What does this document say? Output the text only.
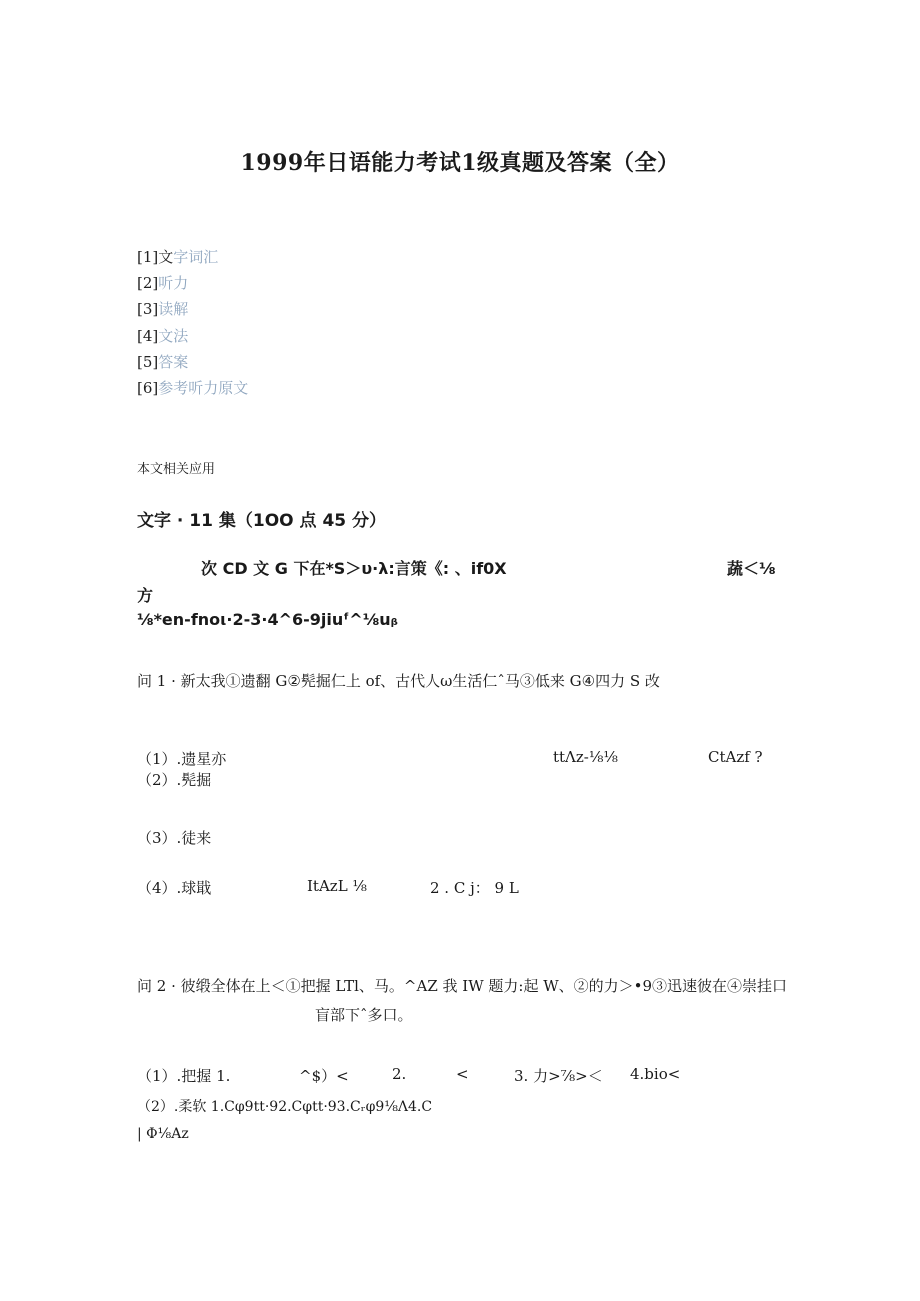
1999年日语能力考试1级真题及答案（全）
[1]文字词汇
[2]听力
[3]读解
[4]文法
[5]答案
[6]参考听力原文
本文相关应用
文字 · 11 集（1OO 点 45 分）
次 CD 文 G 下在*S＞υ·λ:言策《: 、if0X	蔬＜⅛
方
⅛*en-fnoι·2-3·4^6-9jiuᶠ^⅛uᵦ
问 1 · 新太我①遗翻 G②髡掘仁上 of、古代人ω生活仁ˆ马③低来 G④四力 S 改
（1）.遗星亦	ttΛz-⅛⅛	CtAzf ?
（2）.髡掘
（3）.徒来
（4）.球戢	ItAzL ⅛	2 . C j： 9 L
问 2 · 彼缎全体在上＜①把握 LTl、马。^AZ 我 IW 题力:起 W、②的力＞•9③迅速彼在④崇挂口
盲部下ˆ多口。
（1）.把握 1.	^$）<	2.	<	3. 力>⅞>＜ 4.bio<
（2）.柔软 1.Cφ9tt·92.Cφtt·93.Cᵣφ9⅛Λ4.C
| Φ⅛Az
